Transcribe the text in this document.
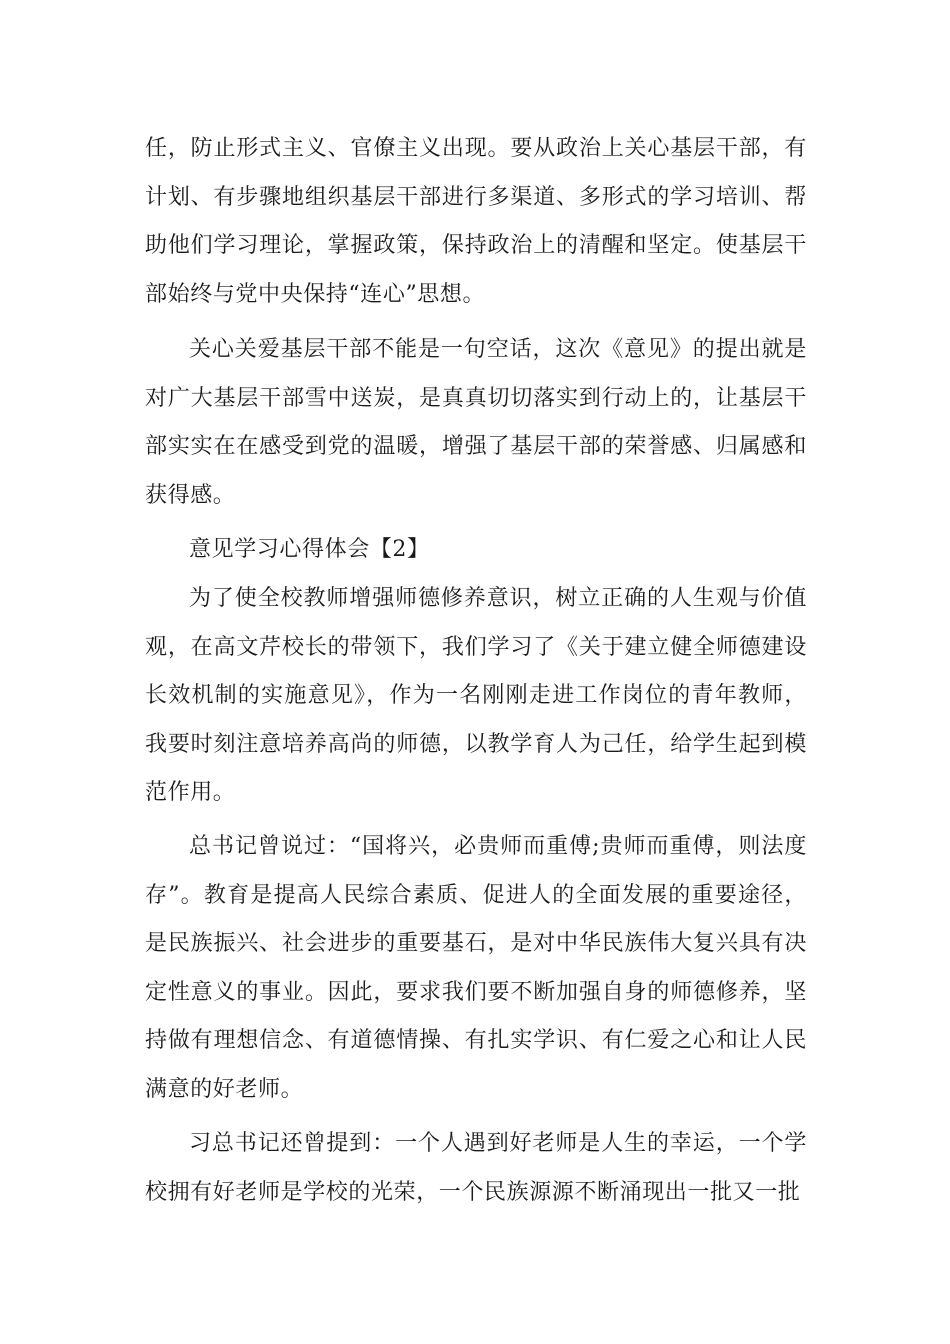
任，防止形式主义、官僚主义出现。要从政治上关心基层干部，有计划、有步骤地组织基层干部进行多渠道、多形式的学习培训、帮助他们学习理论，掌握政策，保持政治上的清醒和坚定。使基层干部始终与党中央保持“连心”思想。

关心关爱基层干部不能是一句空话，这次《意见》的提出就是对广大基层干部雪中送炭，是真真切切落实到行动上的，让基层干部实实在在感受到党的温暖，增强了基层干部的荣誉感、归属感和获得感。

意见学习心得体会【2】

为了使全校教师增强师德修养意识，树立正确的人生观与价值观，在高文芹校长的带领下，我们学习了《关于建立健全师德建设长效机制的实施意见》，作为一名刚刚走进工作岗位的青年教师，我要时刻注意培养高尚的师德，以教学育人为己任，给学生起到模范作用。

总书记曾说过：“国将兴，必贵师而重傅;贵师而重傅，则法度存”。教育是提高人民综合素质、促进人的全面发展的重要途径，是民族振兴、社会进步的重要基石，是对中华民族伟大复兴具有决定性意义的事业。因此，要求我们要不断加强自身的师德修养，坚持做有理想信念、有道德情操、有扎实学识、有仁爱之心和让人民满意的好老师。

习总书记还曾提到：一个人遇到好老师是人生的幸运，一个学校拥有好老师是学校的光荣，一个民族源源不断涌现出一批又一批
